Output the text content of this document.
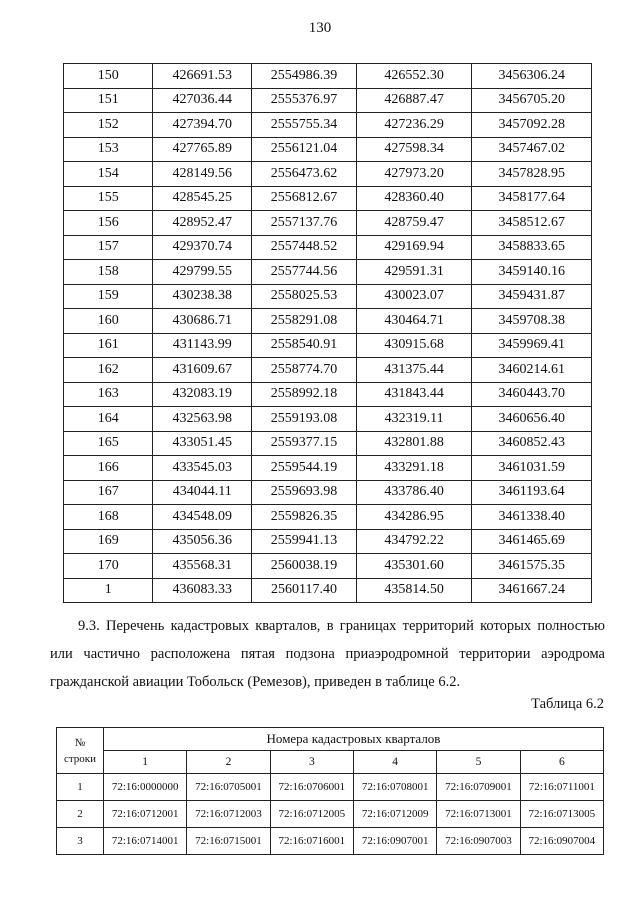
130
150	426691.53	2554986.39	426552.30	3456306.24
151	427036.44	2555376.97	426887.47	3456705.20
152	427394.70	2555755.34	427236.29	3457092.28
153	427765.89	2556121.04	427598.34	3457467.02
154	428149.56	2556473.62	427973.20	3457828.95
155	428545.25	2556812.67	428360.40	3458177.64
156	428952.47	2557137.76	428759.47	3458512.67
157	429370.74	2557448.52	429169.94	3458833.65
158	429799.55	2557744.56	429591.31	3459140.16
159	430238.38	2558025.53	430023.07	3459431.87
160	430686.71	2558291.08	430464.71	3459708.38
161	431143.99	2558540.91	430915.68	3459969.41
162	431609.67	2558774.70	431375.44	3460214.61
163	432083.19	2558992.18	431843.44	3460443.70
164	432563.98	2559193.08	432319.11	3460656.40
165	433051.45	2559377.15	432801.88	3460852.43
166	433545.03	2559544.19	433291.18	3461031.59
167	434044.11	2559693.98	433786.40	3461193.64
168	434548.09	2559826.35	434286.95	3461338.40
169	435056.36	2559941.13	434792.22	3461465.69
170	435568.31	2560038.19	435301.60	3461575.35
1	436083.33	2560117.40	435814.50	3461667.24
9.3. Перечень кадастровых кварталов, в границах территорий которых полностью
или частично расположена пятая подзона приаэродромной территории аэродрома
гражданской авиации Тобольск (Ремезов), приведен в таблице 6.2.
Таблица 6.2
№
строки	Номера кадастровых кварталов					
	1	2	3	4	5	6
1	72:16:0000000	72:16:0705001	72:16:0706001	72:16:0708001	72:16:0709001	72:16:0711001
2	72:16:0712001	72:16:0712003	72:16:0712005	72:16:0712009	72:16:0713001	72:16:0713005
3	72:16:0714001	72:16:0715001	72:16:0716001	72:16:0907001	72:16:0907003	72:16:0907004
